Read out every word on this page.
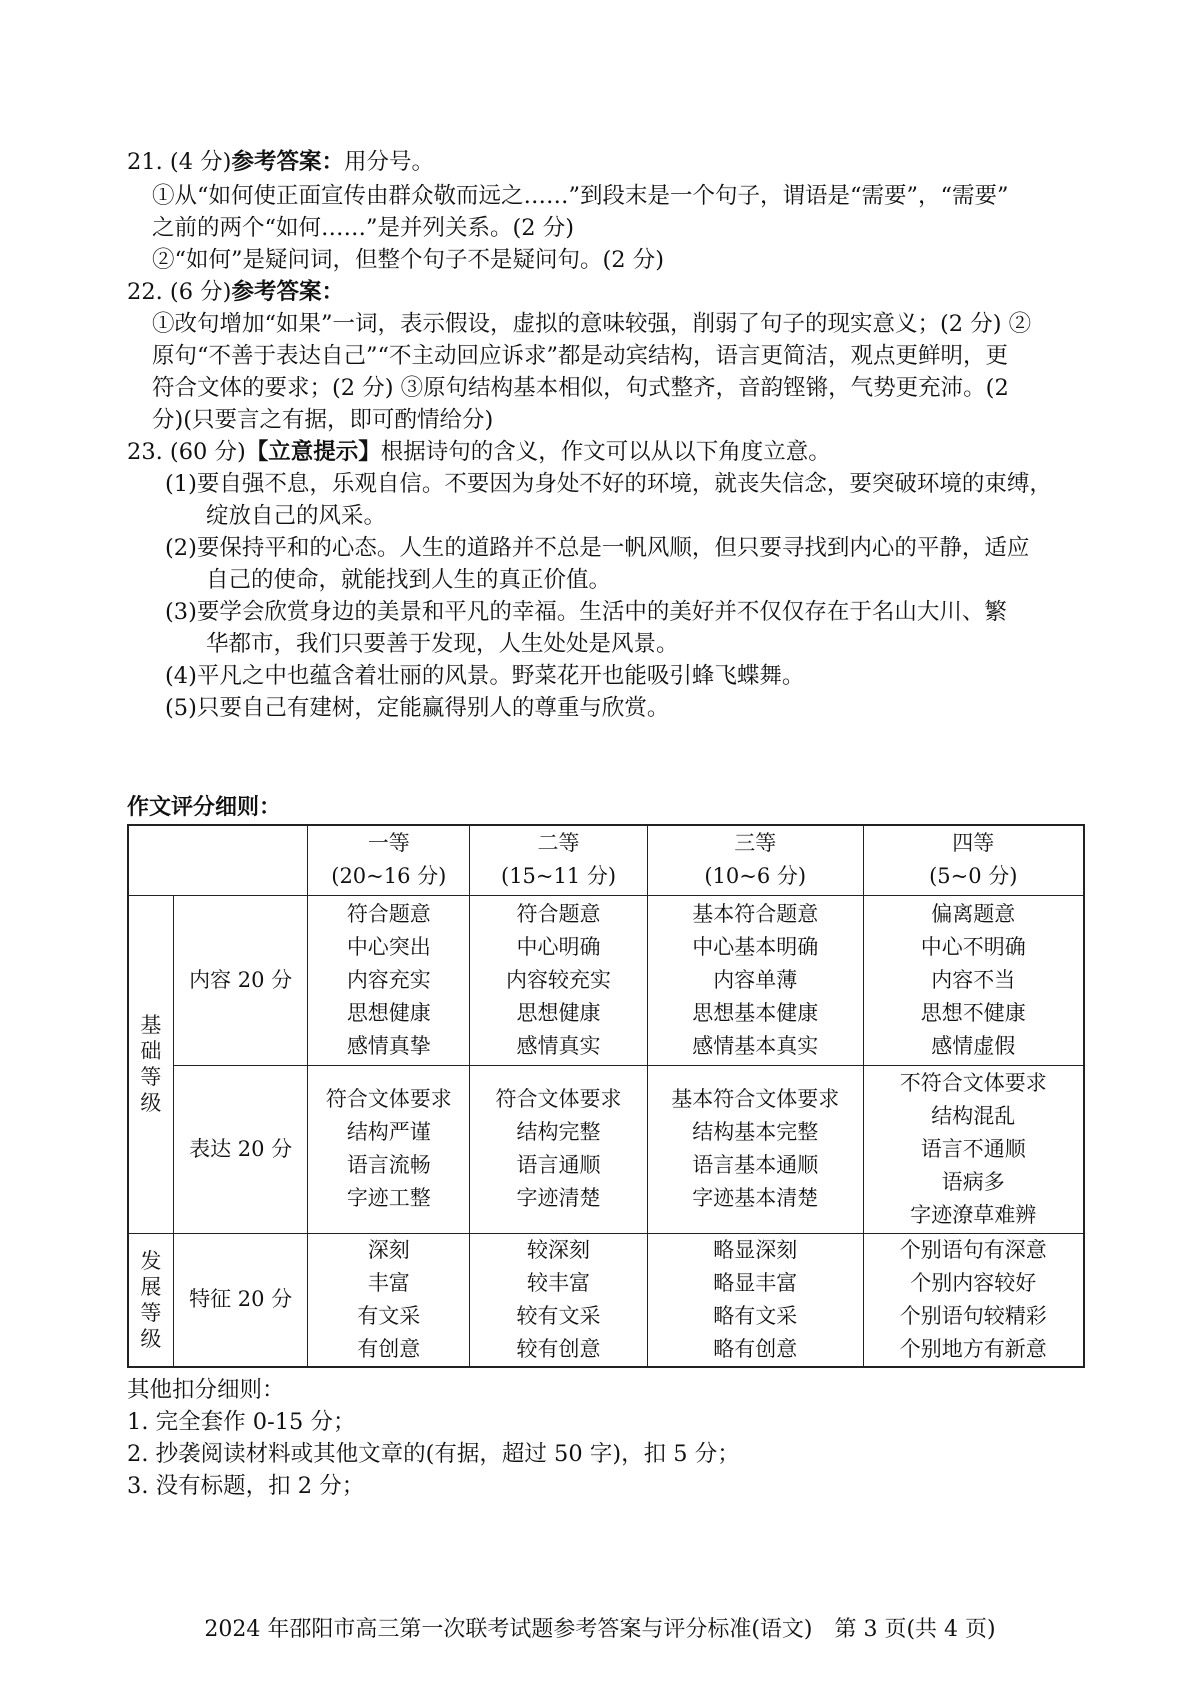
21. (4 分)参考答案：用分号。
①从“如何使正面宣传由群众敬而远之……”到段末是一个句子，谓语是“需要”，“需要”
之前的两个“如何……”是并列关系。(2 分)
②“如何”是疑问词，但整个句子不是疑问句。(2 分)
22. (6 分)参考答案：
①改句增加“如果”一词，表示假设，虚拟的意味较强，削弱了句子的现实意义；(2 分) ②
原句“不善于表达自己”“不主动回应诉求”都是动宾结构，语言更简洁，观点更鲜明，更
符合文体的要求；(2 分) ③原句结构基本相似，句式整齐，音韵铿锵，气势更充沛。(2
分)(只要言之有据，即可酌情给分)
23. (60 分)【立意提示】根据诗句的含义，作文可以从以下角度立意。
(1)要自强不息，乐观自信。不要因为身处不好的环境，就丧失信念，要突破环境的束缚，
绽放自己的风采。
(2)要保持平和的心态。人生的道路并不总是一帆风顺，但只要寻找到内心的平静，适应
自己的使命，就能找到人生的真正价值。
(3)要学会欣赏身边的美景和平凡的幸福。生活中的美好并不仅仅存在于名山大川、繁
华都市，我们只要善于发现，人生处处是风景。
(4)平凡之中也蕴含着壮丽的风景。野菜花开也能吸引蜂飞蝶舞。
(5)只要自己有建树，定能赢得别人的尊重与欣赏。
作文评分细则：

		一等
(20~16 分)	二等
(15~11 分)	三等
(10~6 分)	四等
(5~0 分)

基础等级	内容 20 分	符合题意
中心突出
内容充实
思想健康
感情真挚	符合题意
中心明确
内容较充实
思想健康
感情真实	基本符合题意
中心基本明确
内容单薄
思想基本健康
感情基本真实	偏离题意
中心不明确
内容不当
思想不健康
感情虚假

	表达 20 分	符合文体要求
结构严谨
语言流畅
字迹工整	符合文体要求
结构完整
语言通顺
字迹清楚	基本符合文体要求
结构基本完整
语言基本通顺
字迹基本清楚	不符合文体要求
结构混乱
语言不通顺
语病多
字迹潦草难辨

发展等级	特征 20 分	深刻
丰富
有文采
有创意	较深刻
较丰富
较有文采
较有创意	略显深刻
略显丰富
略有文采
略有创意	个别语句有深意
个别内容较好
个别语句较精彩
个别地方有新意
其他扣分细则：
1. 完全套作 0-15 分；
2. 抄袭阅读材料或其他文章的(有据，超过 50 字)，扣 5 分；
3. 没有标题，扣 2 分；
2024 年邵阳市高三第一次联考试题参考答案与评分标准(语文)　第 3 页(共 4 页)
